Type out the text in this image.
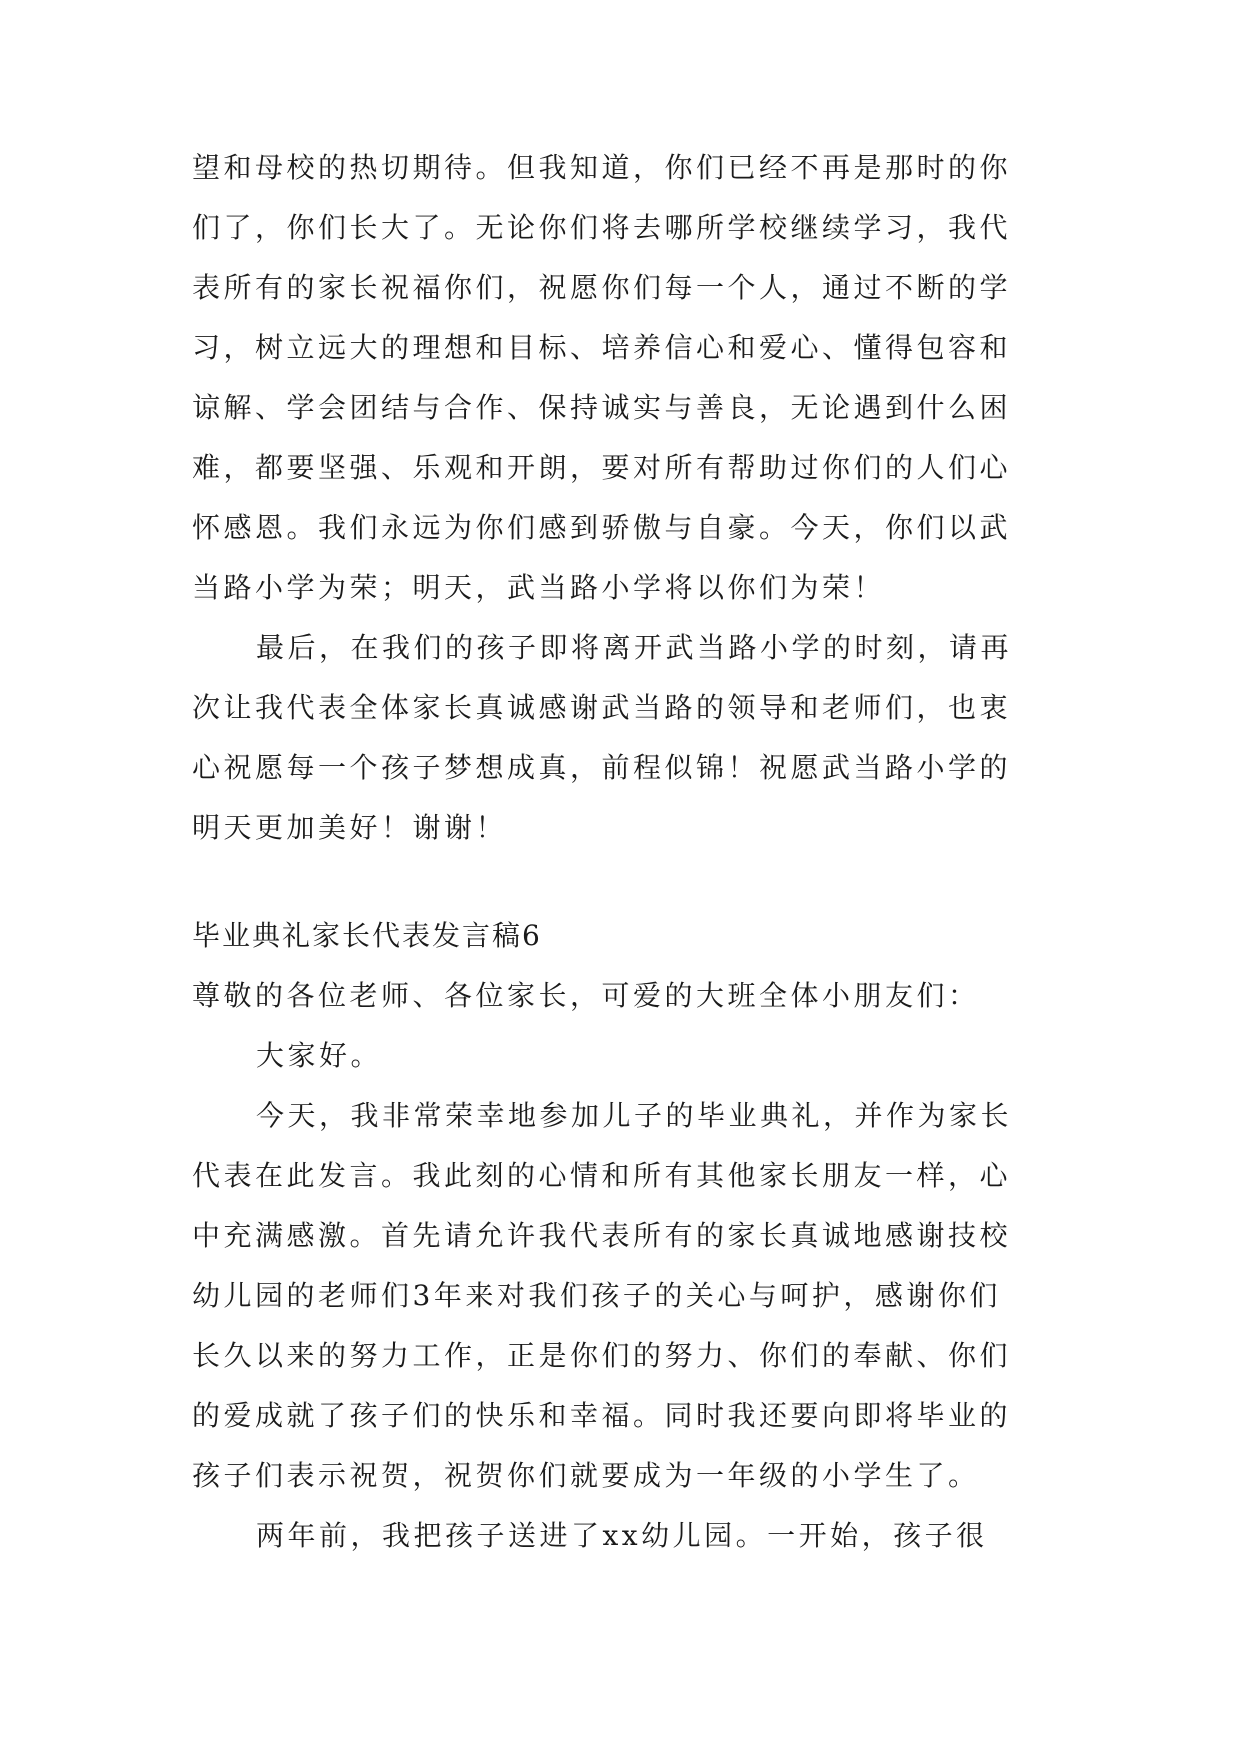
望和母校的热切期待。但我知道，你们已经不再是那时的你
们了，你们长大了。无论你们将去哪所学校继续学习，我代
表所有的家长祝福你们，祝愿你们每一个人，通过不断的学
习，树立远大的理想和目标、培养信心和爱心、懂得包容和
谅解、学会团结与合作、保持诚实与善良，无论遇到什么困
难，都要坚强、乐观和开朗，要对所有帮助过你们的人们心
怀感恩。我们永远为你们感到骄傲与自豪。今天，你们以武
当路小学为荣；明天，武当路小学将以你们为荣！
最后，在我们的孩子即将离开武当路小学的时刻，请再
次让我代表全体家长真诚感谢武当路的领导和老师们，也衷
心祝愿每一个孩子梦想成真，前程似锦！祝愿武当路小学的
明天更加美好！谢谢！
毕业典礼家长代表发言稿6
尊敬的各位老师、各位家长，可爱的大班全体小朋友们：
大家好。
今天，我非常荣幸地参加儿子的毕业典礼，并作为家长
代表在此发言。我此刻的心情和所有其他家长朋友一样，心
中充满感激。首先请允许我代表所有的家长真诚地感谢技校
幼儿园的老师们3年来对我们孩子的关心与呵护，感谢你们
长久以来的努力工作，正是你们的努力、你们的奉献、你们
的爱成就了孩子们的快乐和幸福。同时我还要向即将毕业的
孩子们表示祝贺，祝贺你们就要成为一年级的小学生了。
两年前，我把孩子送进了xx幼儿园。一开始，孩子很
